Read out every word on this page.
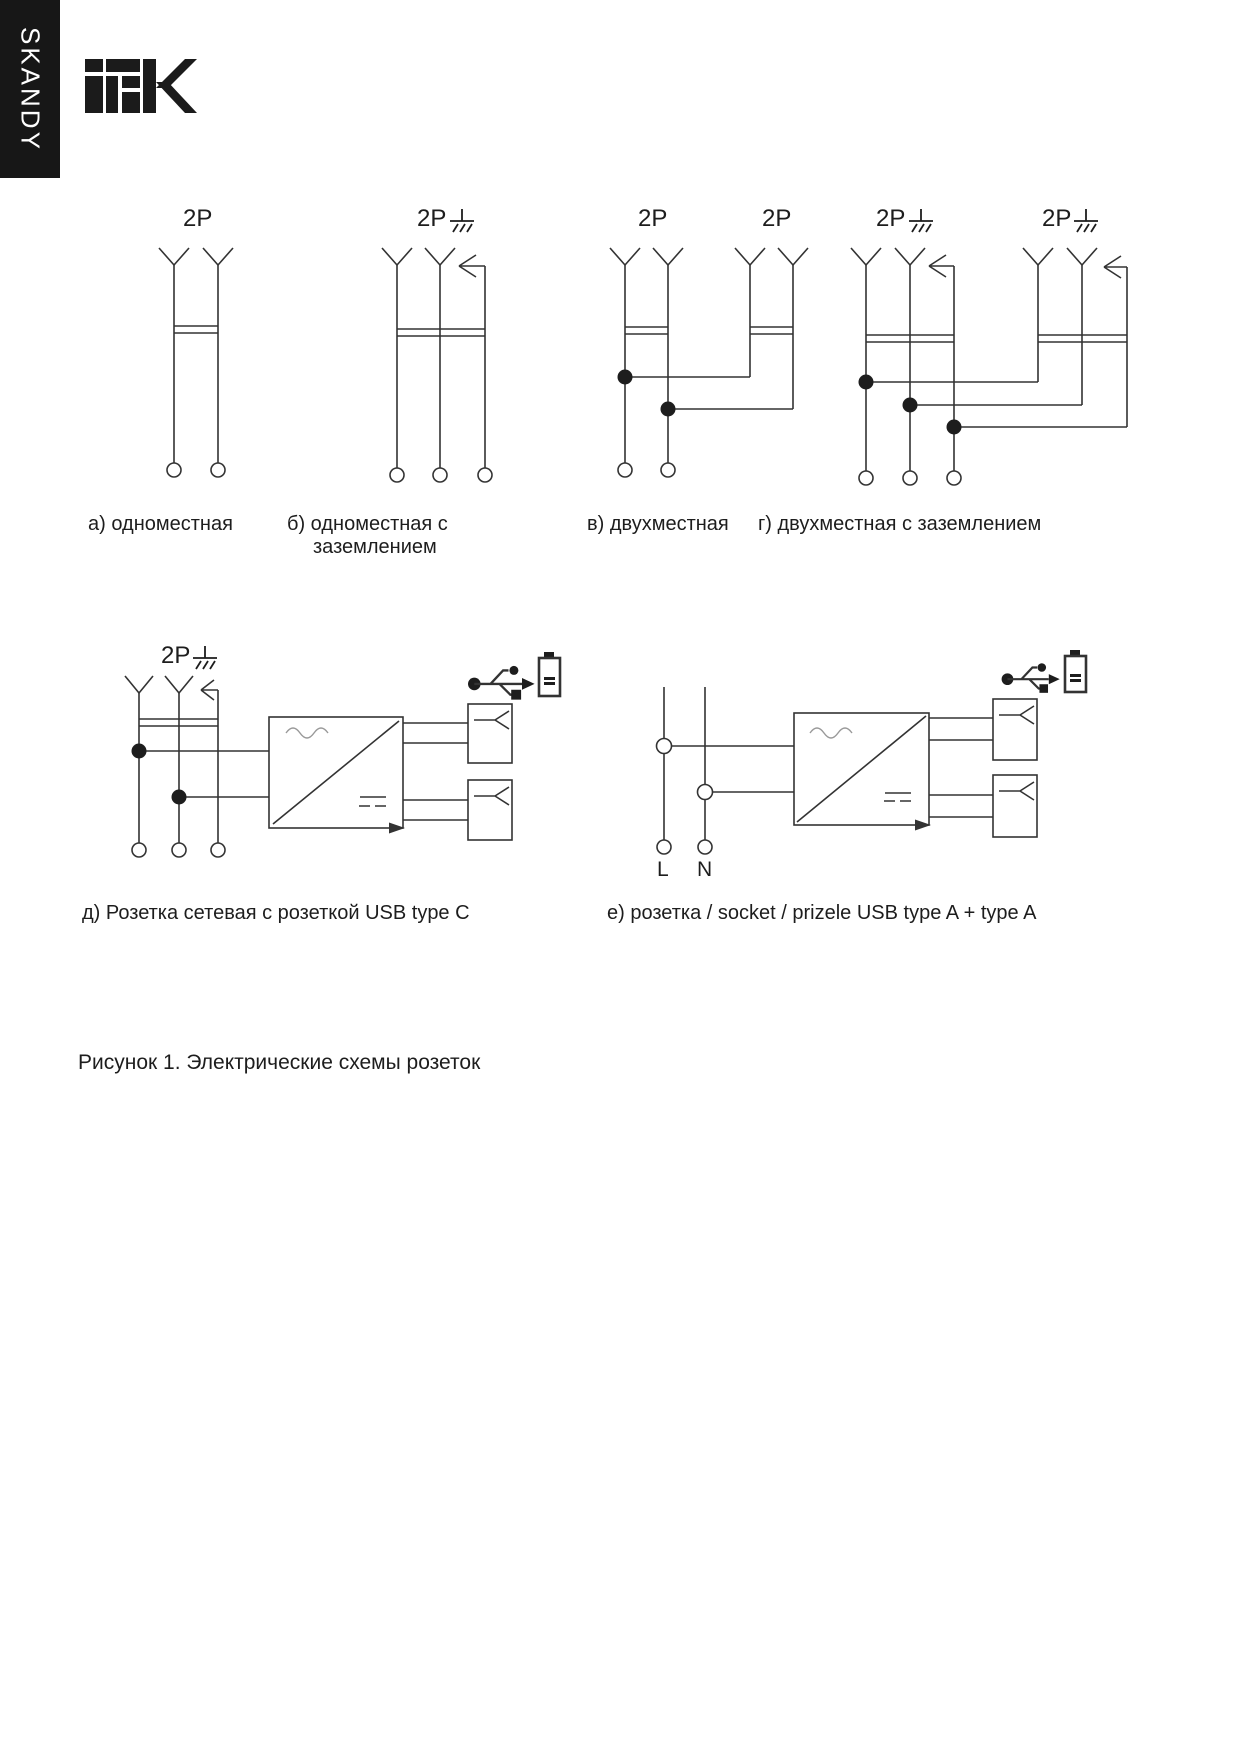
SKANDY
2P	2P	2P	2P	2P	2P
2P
а) одноместная	б) одноместная с
заземлением
в) двухместная г) двухместная с заземлением
д) Розетка сетевая с розеткой USB type C	е) розетка / socket / prizele USB type A + type A
L N
Рисунок 1. Электрические схемы розеток
